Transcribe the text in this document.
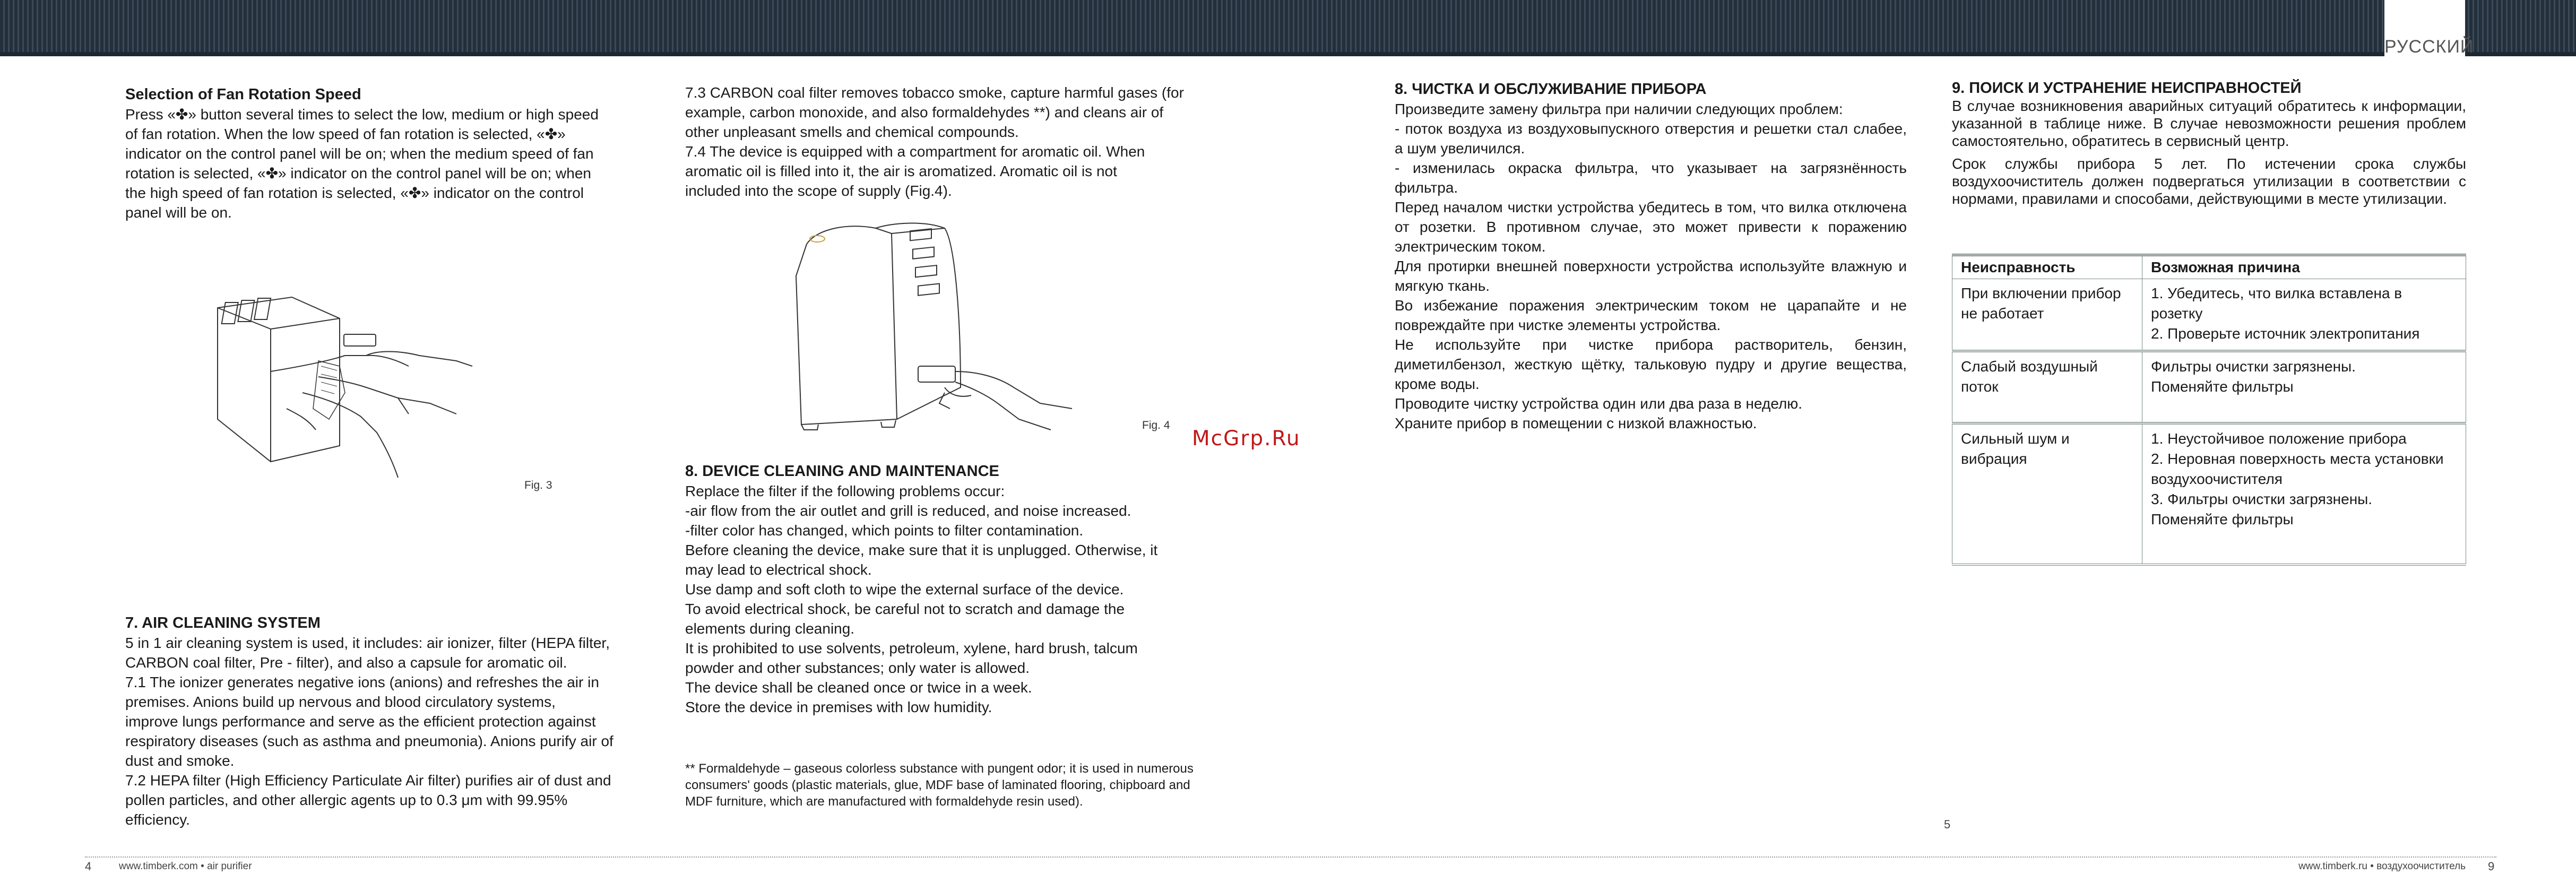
РУССКИЙ
Selection of Fan Rotation Speed

Press «✤» button several times to select the low, medium or high speed

of fan rotation. When the low speed of fan rotation is selected, «✤»

indicator on the control panel will be on; when the medium speed of fan

rotation is selected, «✤» indicator on the control panel will be on; when

the high speed of fan rotation is selected, «✤» indicator on the control

panel will be on.

Fig. 3
7. AIR CLEANING SYSTEM

5 in 1 air cleaning system is used, it includes: air ionizer, filter (HEPA filter,

CARBON coal filter, Pre - filter), and also a capsule for aromatic oil.

7.1 The ionizer generates negative ions (anions) and refreshes the air in

premises. Anions build up nervous and blood circulatory systems,

improve lungs performance and serve as the efficient protection against

respiratory diseases (such as asthma and pneumonia). Anions purify air of

dust and smoke.

7.2 HEPA filter (High Efficiency Particulate Air filter) purifies air of dust and

pollen particles, and other allergic agents up to 0.3 μm with 99.95%

efficiency.

7.3 CARBON coal filter removes tobacco smoke, capture harmful gases (for

example, carbon monoxide, and also formaldehydes **) and cleans air of

other unpleasant smells and chemical compounds.

7.4 The device is equipped with a compartment for aromatic oil. When

aromatic oil is filled into it, the air is aromatized. Aromatic oil is not

included into the scope of supply (Fig.4).

Fig. 4
8. DEVICE CLEANING AND MAINTENANCE

Replace the filter if the following problems occur:

-air flow from the air outlet and grill is reduced, and noise increased.

-filter color has changed, which points to filter contamination.

Before cleaning the device, make sure that it is unplugged. Otherwise, it

may lead to electrical shock.

Use damp and soft cloth to wipe the external surface of the device.

To avoid electrical shock, be careful not to scratch and damage the

elements during cleaning.

It is prohibited to use solvents, petroleum, xylene, hard brush, talcum

powder and other substances; only water is allowed.

The device shall be cleaned once or twice in a week.

Store the device in premises with low humidity.

** Formaldehyde – gaseous colorless substance with pungent odor; it is used in numerous consumers' goods (plastic materials, glue, MDF base of laminated flooring, chipboard and MDF furniture, which are manufactured with formaldehyde resin used).
McGrp.Ru
8. ЧИСТКА И ОБСЛУЖИВАНИЕ ПРИБОРА

Произведите замену фильтра при наличии следующих проблем:

- поток воздуха из воздуховыпускного отверстия и решетки стал слабее, а шум увеличился.

- изменилась окраска фильтра, что указывает на загрязнённость фильтра.

Перед началом чистки устройства убедитесь в том, что вилка отключена от розетки. В противном случае, это может привести к поражению электрическим током.

Для протирки внешней поверхности устройства используйте влажную и мягкую ткань.

Во избежание поражения электрическим током не царапайте и не повреждайте при чистке элементы устройства.

Не используйте при чистке прибора растворитель, бензин, диметилбензол, жесткую щётку, тальковую пудру и другие вещества, кроме воды.

Проводите чистку устройства один или два раза в неделю.

Храните прибор в помещении с низкой влажностью.

9. ПОИСК И УСТРАНЕНИЕ НЕИСПРАВНОСТЕЙ

В случае возникновения аварийных ситуаций обратитесь к информации, указанной в таблице ниже. В случае невозможности решения проблем самостоятельно, обратитесь в сервисный центр.

Срок службы прибора 5 лет. По истечении срока службы воздухоочиститель должен подвергаться утилизации в соответствии с нормами, правилами и способами, действующими в месте утилизации.

Неисправность	Возможная причина
При включении прибор не работает	1. Убедитесь, что вилка вставлена в розетку
2. Проверьте источник электропитания

Слабый воздушный поток	Фильтры очистки загрязнены.
Поменяйте фильтры

Сильный шум и вибрация	1. Неустойчивое положение прибора
2. Неровная поверхность места установки воздухоочистителя
3. Фильтры очистки загрязнены.
Поменяйте фильтры
5
4	www.timberk.com • air purifier	www.timberk.ru • воздухоочиститель 9
